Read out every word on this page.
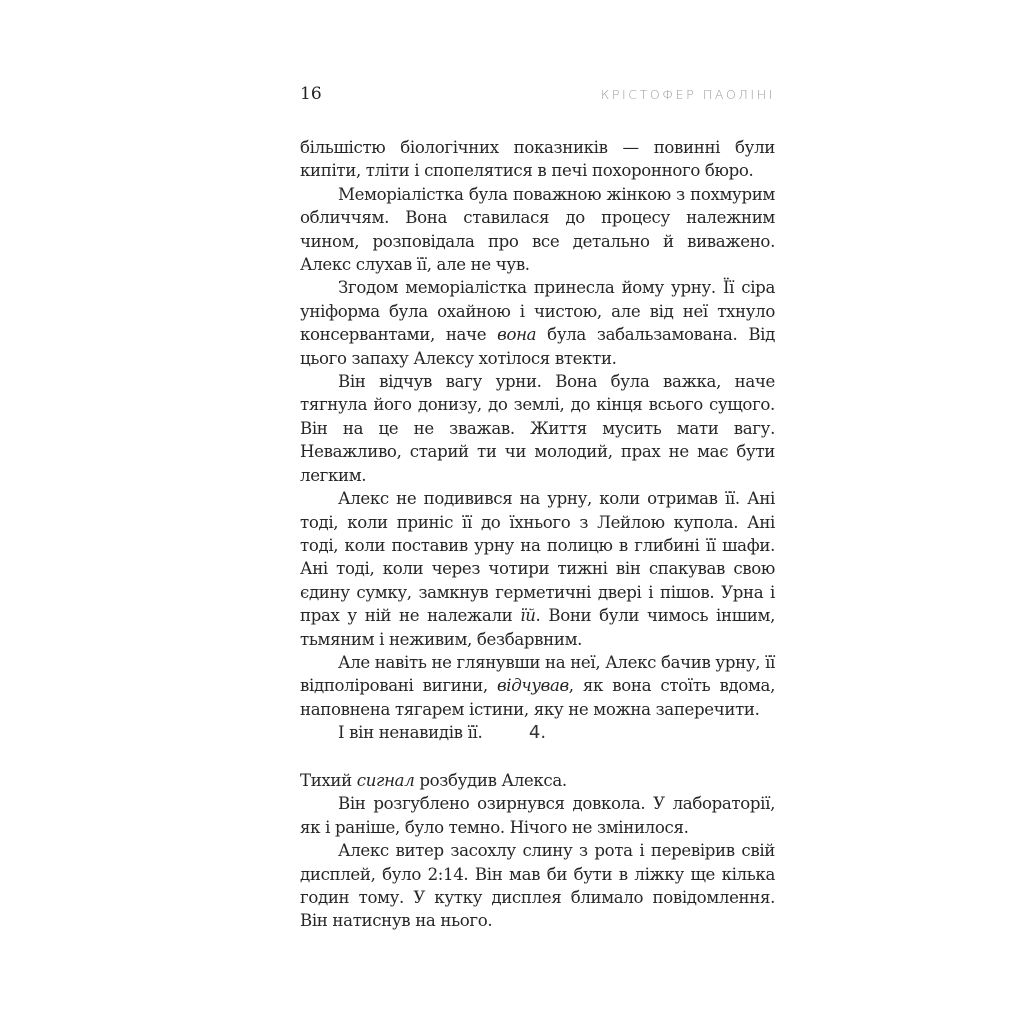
16	КРІСТОФЕР ПАОЛІНІ

більшістю біологічних показників — повинні були кипіти, тліти і спопелятися в печі похоронного бюро.

Меморіалістка була поважною жінкою з похмурим обличчям. Вона ставилася до процесу належним чином, розповідала про все детально й виважено. Алекс слухав її, але не чув.

Згодом меморіалістка принесла йому урну. Її сіра уніформа була охайною і чистою, але від неї тхнуло консервантами, наче вона була забальзамована. Від цього запаху Алексу хотілося втекти.

Він відчув вагу урни. Вона була важка, наче тягнула його донизу, до землі, до кінця всього сущого. Він на це не зважав. Життя мусить мати вагу. Неважливо, старий ти чи молодий, прах не має бути легким.

Алекс не подивився на урну, коли отримав її. Ані тоді, коли приніс її до їхнього з Лейлою купола. Ані тоді, коли поставив урну на полицю в глибині її шафи. Ані тоді, коли через чотири тижні він спакував свою єдину сумку, замкнув герметичні двері і пішов. Урна і прах у ній не належали їй. Вони були чимось іншим, тьмяним і неживим, безбарвним.

Але навіть не глянувши на неї, Алекс бачив урну, її відполіровані вигини, відчував, як вона стоїть вдома, наповнена тягарем істини, яку не можна заперечити.

І він ненавидів її.	4.

Тихий сигнал розбудив Алекса.

Він розгублено озирнувся довкола. У лабораторії, як і раніше, було темно. Нічого не змінилося.

Алекс витер засохлу слину з рота і перевірив свій дисплей, було 2:14. Він мав би бути в ліжку ще кілька годин тому. У кутку дисплея блимало повідомлення. Він натиснув на нього.
